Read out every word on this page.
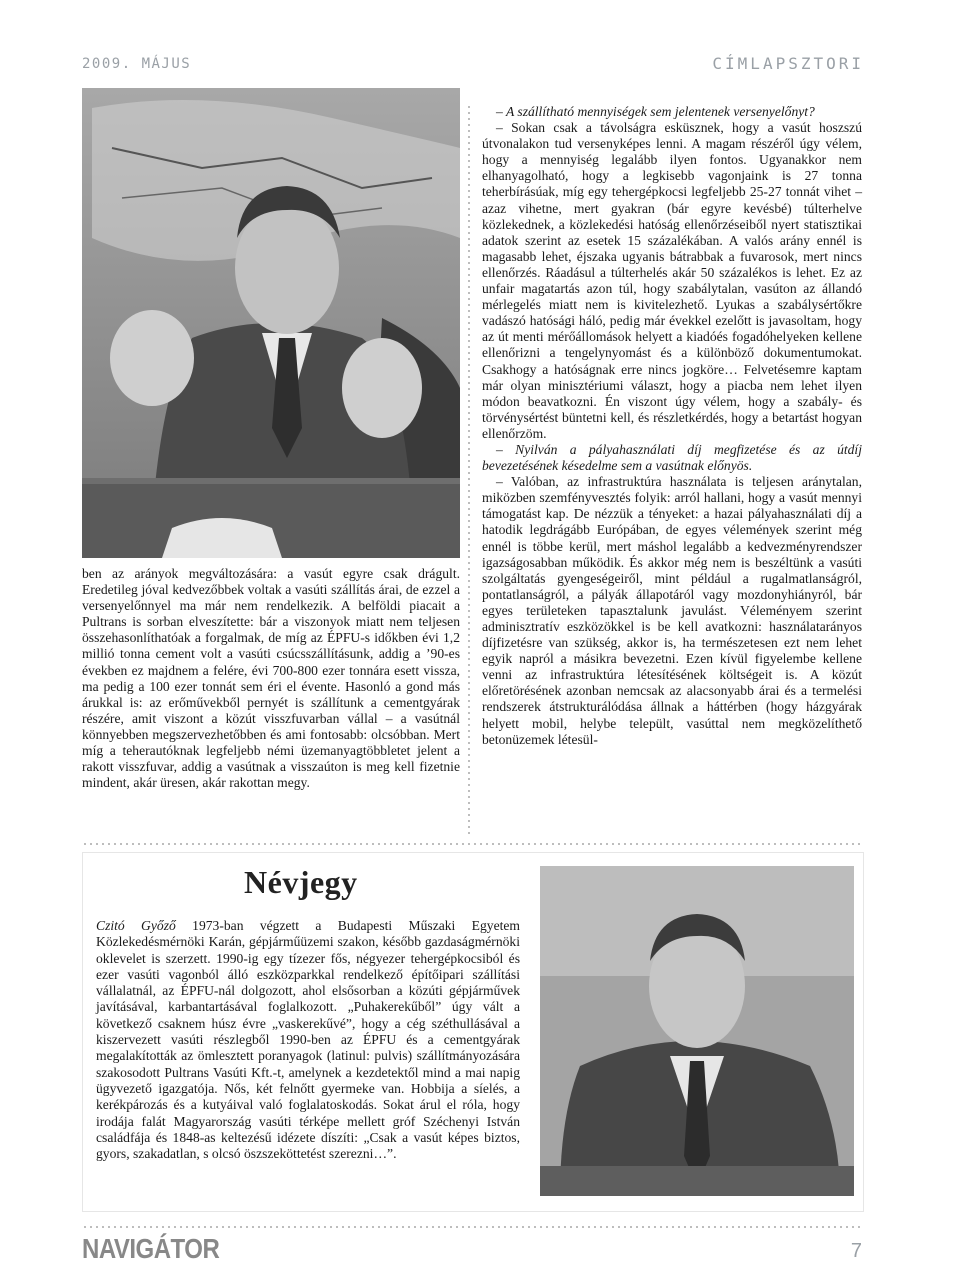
2009. MÁJUS	CÍMLAPSZTORI

ben az arányok megváltozására: a vasút egyre csak drágult. Eredetileg jóval kedvezőbbek voltak a vasúti szállítás árai, de ezzel a versenyelőnnyel ma már nem rendelkezik. A belföldi piacait a Pultrans is sorban elveszítette: bár a viszonyok miatt nem teljesen összehasonlíthatóak a forgalmak, de míg az ÉPFU-s időkben évi 1,2 millió tonna cement volt a vasúti csúcsszállításunk, addig a ’90-es években ez majdnem a felére, évi 700-800 ezer tonnára esett vissza, ma pedig a 100 ezer tonnát sem éri el évente. Hasonló a gond más árukkal is: az erőművekből pernyét is szállítunk a cementgyárak részére, amit viszont a közút visszfuvarban vállal – a vasútnál könnyebben megszervezhetőbben és ami fontosabb: olcsóbban. Mert míg a teherautóknak legfeljebb némi üzemanyagtöbbletet jelent a rakott visszfuvar, addig a vasútnak a visszaúton is meg kell fizetnie mindent, akár üresen, akár rakottan megy.

– A szállítható mennyiségek sem jelentenek versenyelőnyt?

– Sokan csak a távolságra esküsznek, hogy a vasút hoszszú útvonalakon tud versenyképes lenni. A magam részéről úgy vélem, hogy a mennyiség legalább ilyen fontos. Ugyanakkor nem elhanyagolható, hogy a legkisebb vagonjaink is 27 tonna teherbírásúak, míg egy tehergépkocsi legfeljebb 25-27 tonnát vihet – azaz vihetne, mert gyakran (bár egyre kevésbé) túlterhelve közlekednek, a közlekedési hatóság ellenőrzéseiből nyert statisztikai adatok szerint az esetek 15 százalékában. A valós arány ennél is magasabb lehet, éjszaka ugyanis bátrabbak a fuvarosok, mert nincs ellenőrzés. Ráadásul a túlterhelés akár 50 százalékos is lehet. Ez az unfair magatartás azon túl, hogy szabálytalan, vasúton az állandó mérlegelés miatt nem is kivitelezhető. Lyukas a szabálysértőkre vadászó hatósági háló, pedig már évekkel ezelőtt is javasoltam, hogy az út menti mérőállomások helyett a kiadóés fogadóhelyeken kellene ellenőrizni a tengelynyomást és a különböző dokumentumokat. Csakhogy a hatóságnak erre nincs jogköre… Felvetésemre kaptam már olyan minisztériumi választ, hogy a piacba nem lehet ilyen módon beavatkozni. Én viszont úgy vélem, hogy a szabály- és törvénysértést büntetni kell, és részletkérdés, hogy a betartást hogyan ellenőrzöm.

– Nyilván a pályahasználati díj megfizetése és az útdíj bevezetésének késedelme sem a vasútnak előnyös.

– Valóban, az infrastruktúra használata is teljesen aránytalan, miközben szemfényvesztés folyik: arról hallani, hogy a vasút mennyi támogatást kap. De nézzük a tényeket: a hazai pályahasználati díj a hatodik legdrágább Európában, de egyes vélemények szerint még ennél is többe kerül, mert máshol legalább a kedvezményrendszer igazságosabban működik. És akkor még nem is beszéltünk a vasúti szolgáltatás gyengeségeiről, mint például a rugalmatlanságról, pontatlanságról, a pályák állapotáról vagy mozdonyhiányról, bár egyes területeken tapasztalunk javulást. Véleményem szerint adminisztratív eszközökkel is be kell avatkozni: használatarányos díjfizetésre van szükség, akkor is, ha természetesen ezt nem lehet egyik napról a másikra bevezetni. Ezen kívül figyelembe kellene venni az infrastruktúra létesítésének költségeit is. A közút előretörésének azonban nemcsak az alacsonyabb árai és a termelési rendszerek átstrukturálódása állnak a háttérben (hogy házgyárak helyett mobil, helybe települt, vasúttal nem megközelíthető betonüzemek létesül-

Névjegy
Czitó Győző 1973-ban végzett a Budapesti Műszaki Egyetem Közlekedésmérnöki Karán, gépjárműüzemi szakon, később gazdaságmérnöki oklevelet is szerzett. 1990-ig egy tízezer fős, négyezer tehergépkocsiból és ezer vasúti vagonból álló eszközparkkal rendelkező építőipari szállítási vállalatnál, az ÉPFU-nál dolgozott, ahol elsősorban a közúti gépjárművek javításával, karbantartásával foglalkozott. „Puhakerekűből” úgy vált a következő csaknem húsz évre „vaskerekűvé”, hogy a cég széthullásával a kiszervezett vasúti részlegből 1990-ben az ÉPFU és a cementgyárak megalakították az ömlesztett poranyagok (latinul: pulvis) szállítmányozására szakosodott Pultrans Vasúti Kft.-t, amelynek a kezdetektől mind a mai napig ügyvezető igazgatója. Nős, két felnőtt gyermeke van. Hobbija a síelés, a kerékpározás és a kutyáival való foglalatoskodás. Sokat árul el róla, hogy irodája falát Magyarország vasúti térképe mellett gróf Széchenyi István családfája és 1848-as keltezésű idézete díszíti: „Csak a vasút képes biztos, gyors, szakadatlan, s olcsó öszszeköttetést szerezni…”.
NAVIGÁTOR	7
